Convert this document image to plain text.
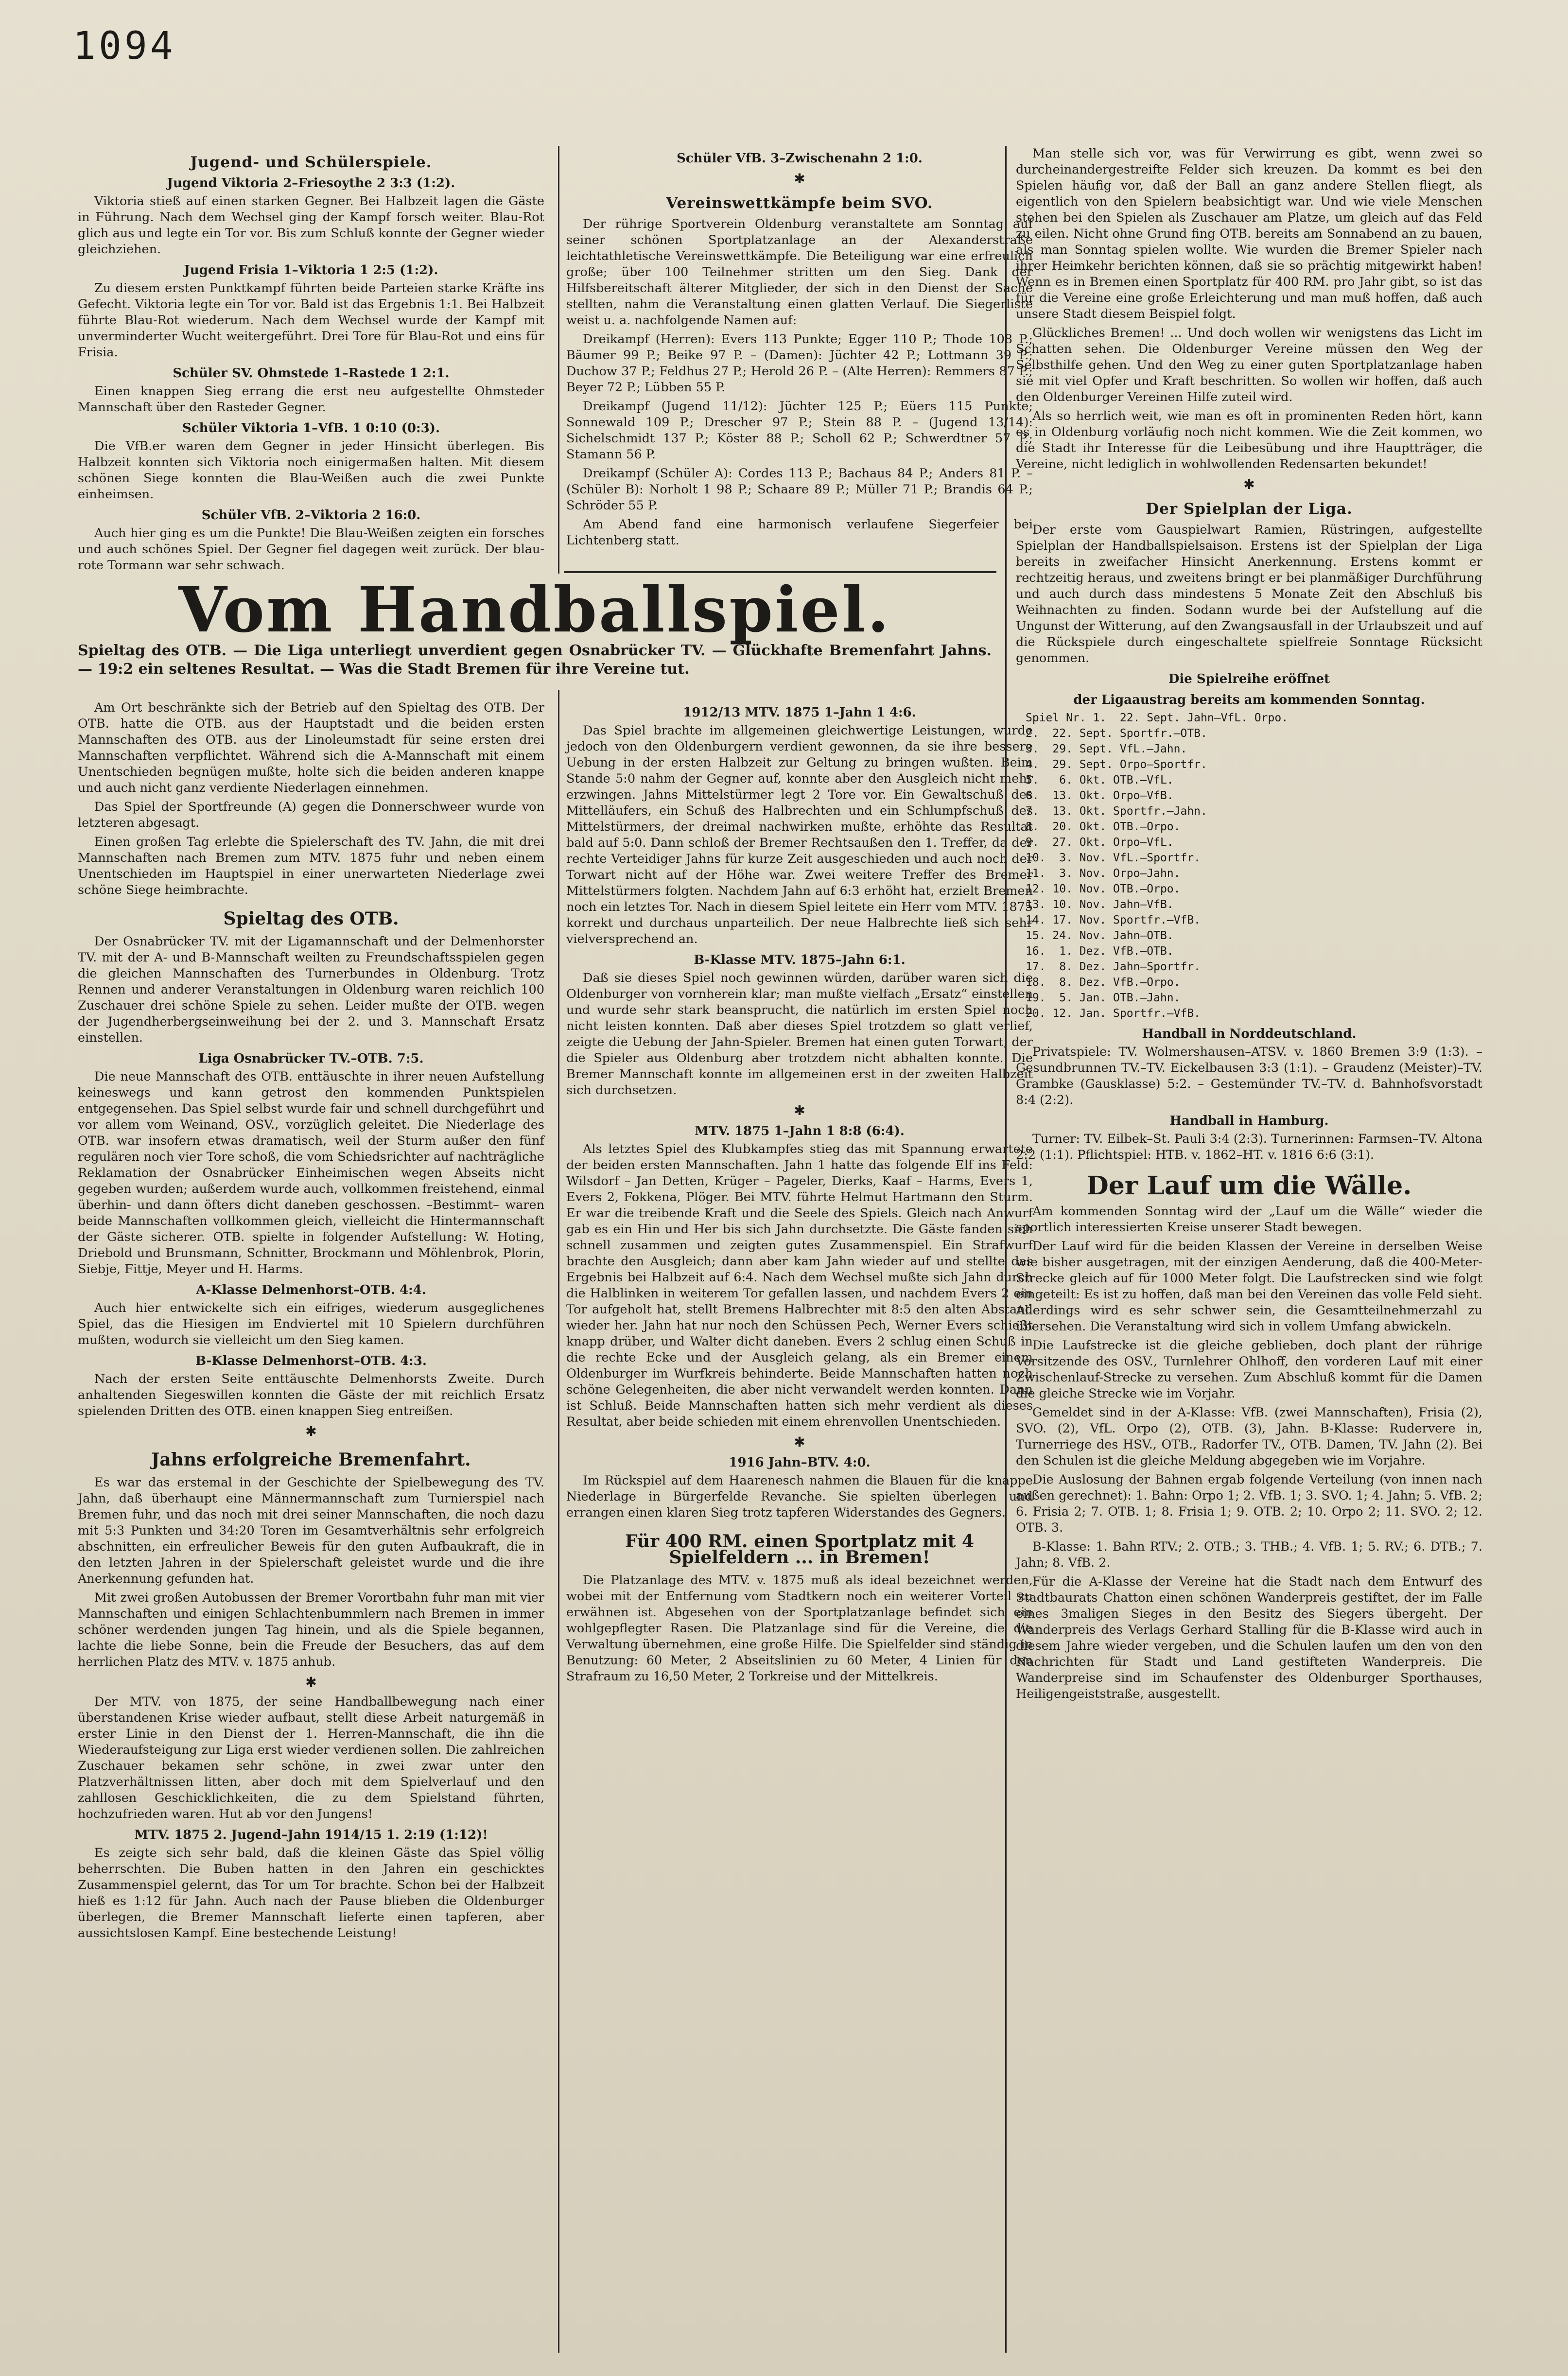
1094
Jugend- und Schülerspiele.
Jugend Viktoria 2–Friesoythe 2 3:3 (1:2).

Viktoria stieß auf einen starken Gegner. Bei Halbzeit lagen die Gäste in Führung. Nach dem Wechsel ging der Kampf forsch weiter. Blau-Rot glich aus und legte ein Tor vor. Bis zum Schluß konnte der Gegner wieder gleichziehen.

Jugend Frisia 1–Viktoria 1 2:5 (1:2).

Zu diesem ersten Punktkampf führten beide Parteien starke Kräfte ins Gefecht. Viktoria legte ein Tor vor. Bald ist das Ergebnis 1:1. Bei Halbzeit führte Blau-Rot wiederum. Nach dem Wechsel wurde der Kampf mit unverminderter Wucht weitergeführt. Drei Tore für Blau-Rot und eins für Frisia.

Schüler SV. Ohmstede 1–Rastede 1 2:1.

Einen knappen Sieg errang die erst neu aufgestellte Ohmsteder Mannschaft über den Rasteder Gegner.

Schüler Viktoria 1–VfB. 1 0:10 (0:3).

Die VfB.er waren dem Gegner in jeder Hinsicht überlegen. Bis Halbzeit konnten sich Viktoria noch einigermaßen halten. Mit diesem schönen Siege konnten die Blau-Weißen auch die zwei Punkte einheimsen.

Schüler VfB. 2–Viktoria 2 16:0.

Auch hier ging es um die Punkte! Die Blau-Weißen zeigten ein forsches und auch schönes Spiel. Der Gegner fiel dagegen weit zurück. Der blau-rote Tormann war sehr schwach.

Schüler VfB. 3–Zwischenahn 2 1:0.
✱
Vereinswettkämpfe beim SVO.

Der rührige Sportverein Oldenburg veranstaltete am Sonntag auf seiner schönen Sportplatzanlage an der Alexanderstraße leichtathletische Vereinswettkämpfe. Die Beteiligung war eine erfreulich große; über 100 Teilnehmer stritten um den Sieg. Dank der Hilfsbereitschaft älterer Mitglieder, der sich in den Dienst der Sache stellten, nahm die Veranstaltung einen glatten Verlauf. Die Siegerliste weist u. a. nachfolgende Namen auf:

Dreikampf (Herren): Evers 113 Punkte; Egger 110 P.; Thode 108 P.; Bäumer 99 P.; Beike 97 P. – (Damen): Jüchter 42 P.; Lottmann 39 P.; Duchow 37 P.; Feldhus 27 P.; Herold 26 P. – (Alte Herren): Remmers 87 P.; Beyer 72 P.; Lübben 55 P.

Dreikampf (Jugend 11/12): Jüchter 125 P.; Eüers 115 Punkte; Sonnewald 109 P.; Drescher 97 P.; Stein 88 P. – (Jugend 13/14): Sichelschmidt 137 P.; Köster 88 P.; Scholl 62 P.; Schwerdtner 57 P.; Stamann 56 P.

Dreikampf (Schüler A): Cordes 113 P.; Bachaus 84 P.; Anders 81 P. – (Schüler B): Norholt 1 98 P.; Schaare 89 P.; Müller 71 P.; Brandis 64 P.; Schröder 55 P.

Am Abend fand eine harmonisch verlaufene Siegerfeier bei Lichtenberg statt.

Vom Handballspiel.
Spieltag des OTB. — Die Liga unterliegt unverdient gegen Osnabrücker TV. — Glückhafte Bremenfahrt Jahns. — 19:2 ein seltenes Resultat. — Was die Stadt Bremen für ihre Vereine tut.

Am Ort beschränkte sich der Betrieb auf den Spieltag des OTB. Der OTB. hatte die OTB. aus der Hauptstadt und die beiden ersten Mannschaften des OTB. aus der Linoleumstadt für seine ersten drei Mannschaften verpflichtet. Während sich die A-Mannschaft mit einem Unentschieden begnügen mußte, holte sich die beiden anderen knappe und auch nicht ganz verdiente Niederlagen einnehmen.

Das Spiel der Sportfreunde (A) gegen die Donnerschweer wurde von letzteren abgesagt.

Einen großen Tag erlebte die Spielerschaft des TV. Jahn, die mit drei Mannschaften nach Bremen zum MTV. 1875 fuhr und neben einem Unentschieden im Hauptspiel in einer unerwarteten Niederlage zwei schöne Siege heimbrachte.

Spieltag des OTB.

Der Osnabrücker TV. mit der Ligamannschaft und der Delmenhorster TV. mit der A- und B-Mannschaft weilten zu Freundschaftsspielen gegen die gleichen Mannschaften des Turnerbundes in Oldenburg. Trotz Rennen und anderer Veranstaltungen in Oldenburg waren reichlich 100 Zuschauer drei schöne Spiele zu sehen. Leider mußte der OTB. wegen der Jugendherbergseinweihung bei der 2. und 3. Mannschaft Ersatz einstellen.

Liga Osnabrücker TV.–OTB. 7:5.

Die neue Mannschaft des OTB. enttäuschte in ihrer neuen Aufstellung keineswegs und kann getrost den kommenden Punktspielen entgegensehen. Das Spiel selbst wurde fair und schnell durchgeführt und vor allem vom Weinand, OSV., vorzüglich geleitet. Die Niederlage des OTB. war insofern etwas dramatisch, weil der Sturm außer den fünf regulären noch vier Tore schoß, die vom Schiedsrichter auf nachträgliche Reklamation der Osnabrücker Einheimischen wegen Abseits nicht gegeben wurden; außerdem wurde auch, vollkommen freistehend, einmal überhin- und dann öfters dicht daneben geschossen. –Bestimmt– waren beide Mannschaften vollkommen gleich, vielleicht die Hintermannschaft der Gäste sicherer. OTB. spielte in folgender Aufstellung: W. Hoting, Driebold und Brunsmann, Schnitter, Brockmann und Möhlenbrok, Plorin, Siebje, Fittje, Meyer und H. Harms.

A-Klasse Delmenhorst–OTB. 4:4.

Auch hier entwickelte sich ein eifriges, wiederum ausgeglichenes Spiel, das die Hiesigen im Endviertel mit 10 Spielern durchführen mußten, wodurch sie vielleicht um den Sieg kamen.

B-Klasse Delmenhorst–OTB. 4:3.

Nach der ersten Seite enttäuschte Delmenhorsts Zweite. Durch anhaltenden Siegeswillen konnten die Gäste der mit reichlich Ersatz spielenden Dritten des OTB. einen knappen Sieg entreißen.

✱
Jahns erfolgreiche Bremenfahrt.

Es war das erstemal in der Geschichte der Spielbewegung des TV. Jahn, daß überhaupt eine Männermannschaft zum Turnierspiel nach Bremen fuhr, und das noch mit drei seiner Mannschaften, die noch dazu mit 5:3 Punkten und 34:20 Toren im Gesamtverhältnis sehr erfolgreich abschnitten, ein erfreulicher Beweis für den guten Aufbaukraft, die in den letzten Jahren in der Spielerschaft geleistet wurde und die ihre Anerkennung gefunden hat.

Mit zwei großen Autobussen der Bremer Vorortbahn fuhr man mit vier Mannschaften und einigen Schlachtenbummlern nach Bremen in immer schöner werdenden jungen Tag hinein, und als die Spiele begannen, lachte die liebe Sonne, bein die Freude der Besuchers, das auf dem herrlichen Platz des MTV. v. 1875 anhub.

✱

Der MTV. von 1875, der seine Handballbewegung nach einer überstandenen Krise wieder aufbaut, stellt diese Arbeit naturgemäß in erster Linie in den Dienst der 1. Herren-Mannschaft, die ihn die Wiederaufsteigung zur Liga erst wieder verdienen sollen. Die zahlreichen Zuschauer bekamen sehr schöne, in zwei zwar unter den Platzverhältnissen litten, aber doch mit dem Spielverlauf und den zahllosen Geschicklichkeiten, die zu dem Spielstand führten, hochzufrieden waren. Hut ab vor den Jungens!

MTV. 1875 2. Jugend–Jahn 1914/15 1. 2:19 (1:12)!

Es zeigte sich sehr bald, daß die kleinen Gäste das Spiel völlig beherrschten. Die Buben hatten in den Jahren ein geschicktes Zusammenspiel gelernt, das Tor um Tor brachte. Schon bei der Halbzeit hieß es 1:12 für Jahn. Auch nach der Pause blieben die Oldenburger überlegen, die Bremer Mannschaft lieferte einen tapferen, aber aussichtslosen Kampf. Eine bestechende Leistung!

1912/13 MTV. 1875 1–Jahn 1 4:6.

Das Spiel brachte im allgemeinen gleichwertige Leistungen, wurde jedoch von den Oldenburgern verdient gewonnen, da sie ihre bessere Uebung in der ersten Halbzeit zur Geltung zu bringen wußten. Beim Stande 5:0 nahm der Gegner auf, konnte aber den Ausgleich nicht mehr erzwingen. Jahns Mittelstürmer legt 2 Tore vor. Ein Gewaltschuß des Mittelläufers, ein Schuß des Halbrechten und ein Schlumpfschuß des Mittelstürmers, der dreimal nachwirken mußte, erhöhte das Resultat bald auf 5:0. Dann schloß der Bremer Rechtsaußen den 1. Treffer, da der rechte Verteidiger Jahns für kurze Zeit ausgeschieden und auch noch der Torwart nicht auf der Höhe war. Zwei weitere Treffer des Bremer Mittelstürmers folgten. Nachdem Jahn auf 6:3 erhöht hat, erzielt Bremen noch ein letztes Tor. Nach in diesem Spiel leitete ein Herr vom MTV. 1875 korrekt und durchaus unparteilich. Der neue Halbrechte ließ sich sehr vielversprechend an.

B-Klasse MTV. 1875–Jahn 6:1.

Daß sie dieses Spiel noch gewinnen würden, darüber waren sich die Oldenburger von vornherein klar; man mußte vielfach „Ersatz“ einstellen und wurde sehr stark beansprucht, die natürlich im ersten Spiel noch nicht leisten konnten. Daß aber dieses Spiel trotzdem so glatt verlief, zeigte die Uebung der Jahn-Spieler. Bremen hat einen guten Torwart, der die Spieler aus Oldenburg aber trotzdem nicht abhalten konnte. Die Bremer Mannschaft konnte im allgemeinen erst in der zweiten Halbzeit sich durchsetzen.

✱
MTV. 1875 1–Jahn 1 8:8 (6:4).

Als letztes Spiel des Klubkampfes stieg das mit Spannung erwartete der beiden ersten Mannschaften. Jahn 1 hatte das folgende Elf ins Feld: Wilsdorf – Jan Detten, Krüger – Pageler, Dierks, Kaaf – Harms, Evers 1, Evers 2, Fokkena, Plöger. Bei MTV. führte Helmut Hartmann den Sturm. Er war die treibende Kraft und die Seele des Spiels. Gleich nach Anwurf gab es ein Hin und Her bis sich Jahn durchsetzte. Die Gäste fanden sich schnell zusammen und zeigten gutes Zusammenspiel. Ein Strafwurf brachte den Ausgleich; dann aber kam Jahn wieder auf und stellte das Ergebnis bei Halbzeit auf 6:4. Nach dem Wechsel mußte sich Jahn durch die Halblinken in weiterem Tor gefallen lassen, und nachdem Evers 2 ein Tor aufgeholt hat, stellt Bremens Halbrechter mit 8:5 den alten Abstand wieder her. Jahn hat nur noch den Schüssen Pech, Werner Evers schießt knapp drüber, und Walter dicht daneben. Evers 2 schlug einen Schuß in die rechte Ecke und der Ausgleich gelang, als ein Bremer einem Oldenburger im Wurfkreis behinderte. Beide Mannschaften hatten noch schöne Gelegenheiten, die aber nicht verwandelt werden konnten. Dann ist Schluß. Beide Mannschaften hatten sich mehr verdient als dieses Resultat, aber beide schieden mit einem ehrenvollen Unentschieden.

✱
1916 Jahn–BTV. 4:0.

Im Rückspiel auf dem Haarenesch nahmen die Blauen für die knappe Niederlage in Bürgerfelde Revanche. Sie spielten überlegen und errangen einen klaren Sieg trotz tapferen Widerstandes des Gegners.

Für 400 RM. einen Sportplatz mit 4 Spielfeldern ... in Bremen!

Die Platzanlage des MTV. v. 1875 muß als ideal bezeichnet werden, wobei mit der Entfernung vom Stadtkern noch ein weiterer Vorteil zu erwähnen ist. Abgesehen von der Sportplatzanlage befindet sich ein wohlgepflegter Rasen. Die Platzanlage sind für die Vereine, die die Verwaltung übernehmen, eine große Hilfe. Die Spielfelder sind ständig in Benutzung: 60 Meter, 2 Abseitslinien zu 60 Meter, 4 Linien für den Strafraum zu 16,50 Meter, 2 Torkreise und der Mittelkreis.

Man stelle sich vor, was für Verwirrung es gibt, wenn zwei so durcheinandergestreifte Felder sich kreuzen. Da kommt es bei den Spielen häufig vor, daß der Ball an ganz andere Stellen fliegt, als eigentlich von den Spielern beabsichtigt war. Und wie viele Menschen stehen bei den Spielen als Zuschauer am Platze, um gleich auf das Feld zu eilen. Nicht ohne Grund fing OTB. bereits am Sonnabend an zu bauen, als man Sonntag spielen wollte. Wie wurden die Bremer Spieler nach ihrer Heimkehr berichten können, daß sie so prächtig mitgewirkt haben! Wenn es in Bremen einen Sportplatz für 400 RM. pro Jahr gibt, so ist das für die Vereine eine große Erleichterung und man muß hoffen, daß auch unsere Stadt diesem Beispiel folgt.

Glückliches Bremen! ... Und doch wollen wir wenigstens das Licht im Schatten sehen. Die Oldenburger Vereine müssen den Weg der Selbsthilfe gehen. Und den Weg zu einer guten Sportplatzanlage haben sie mit viel Opfer und Kraft beschritten. So wollen wir hoffen, daß auch den Oldenburger Vereinen Hilfe zuteil wird.

Als so herrlich weit, wie man es oft in prominenten Reden hört, kann es in Oldenburg vorläufig noch nicht kommen. Wie die Zeit kommen, wo die Stadt ihr Interesse für die Leibesübung und ihre Hauptträger, die Vereine, nicht lediglich in wohlwollenden Redensarten bekundet!

✱
Der Spielplan der Liga.

Der erste vom Gauspielwart Ramien, Rüstringen, aufgestellte Spielplan der Handballspielsaison. Erstens ist der Spielplan der Liga bereits in zweifacher Hinsicht Anerkennung. Erstens kommt er rechtzeitig heraus, und zweitens bringt er bei planmäßiger Durchführung und auch durch dass mindestens 5 Monate Zeit den Abschluß bis Weihnachten zu finden. Sodann wurde bei der Aufstellung auf die Ungunst der Witterung, auf den Zwangsausfall in der Urlaubszeit und auf die Rückspiele durch eingeschaltete spielfreie Sonntage Rücksicht genommen.

Die Spielreihe eröffnet
der Ligaaustrag bereits am kommenden Sonntag.
Spiel Nr. 1.  22. Sept. Jahn–VfL. Orpo.
2.  22. Sept. Sportfr.–OTB.
3.  29. Sept. VfL.–Jahn.
4.  29. Sept. Orpo–Sportfr.
5.   6. Okt. OTB.–VfL.
6.  13. Okt. Orpo–VfB.
7.  13. Okt. Sportfr.–Jahn.
8.  20. Okt. OTB.–Orpo.
9.  27. Okt. Orpo–VfL.
10.  3. Nov. VfL.–Sportfr.
11.  3. Nov. Orpo–Jahn.
12. 10. Nov. OTB.–Orpo.
13. 10. Nov. Jahn–VfB.
14. 17. Nov. Sportfr.–VfB.
15. 24. Nov. Jahn–OTB.
16.  1. Dez. VfB.–OTB.
17.  8. Dez. Jahn–Sportfr.
18.  8. Dez. VfB.–Orpo.
19.  5. Jan. OTB.–Jahn.
20. 12. Jan. Sportfr.–VfB.
Handball in Norddeutschland.

Privatspiele: TV. Wolmershausen–ATSV. v. 1860 Bremen 3:9 (1:3). – Gesundbrunnen TV.–TV. Eickelbausen 3:3 (1:1). – Graudenz (Meister)–TV. Grambke (Gausklasse) 5:2. – Gestemünder TV.–TV. d. Bahnhofsvorstadt 8:4 (2:2).

Handball in Hamburg.

Turner: TV. Eilbek–St. Pauli 3:4 (2:3). Turnerinnen: Farmsen–TV. Altona 2:2 (1:1). Pflichtspiel: HTB. v. 1862–HT. v. 1816 6:6 (3:1).

Der Lauf um die Wälle.

Am kommenden Sonntag wird der „Lauf um die Wälle“ wieder die sportlich interessierten Kreise unserer Stadt bewegen.

Der Lauf wird für die beiden Klassen der Vereine in derselben Weise wie bisher ausgetragen, mit der einzigen Aenderung, daß die 400-Meter-Strecke gleich auf für 1000 Meter folgt. Die Laufstrecken sind wie folgt eingeteilt: Es ist zu hoffen, daß man bei den Vereinen das volle Feld sieht. Allerdings wird es sehr schwer sein, die Gesamtteilnehmerzahl zu übersehen. Die Veranstaltung wird sich in vollem Umfang abwickeln.

Die Laufstrecke ist die gleiche geblieben, doch plant der rührige Vorsitzende des OSV., Turnlehrer Ohlhoff, den vorderen Lauf mit einer Zwischenlauf-Strecke zu versehen. Zum Abschluß kommt für die Damen die gleiche Strecke wie im Vorjahr.

Gemeldet sind in der A-Klasse: VfB. (zwei Mannschaften), Frisia (2), SVO. (2), VfL. Orpo (2), OTB. (3), Jahn. B-Klasse: Rudervere in, Turnerriege des HSV., OTB., Radorfer TV., OTB. Damen, TV. Jahn (2). Bei den Schulen ist die gleiche Meldung abgegeben wie im Vorjahre.

Die Auslosung der Bahnen ergab folgende Verteilung (von innen nach außen gerechnet): 1. Bahn: Orpo 1; 2. VfB. 1; 3. SVO. 1; 4. Jahn; 5. VfB. 2; 6. Frisia 2; 7. OTB. 1; 8. Frisia 1; 9. OTB. 2; 10. Orpo 2; 11. SVO. 2; 12. OTB. 3.

B-Klasse: 1. Bahn RTV.; 2. OTB.; 3. THB.; 4. VfB. 1; 5. RV.; 6. DTB.; 7. Jahn; 8. VfB. 2.

Für die A-Klasse der Vereine hat die Stadt nach dem Entwurf des Stadtbaurats Chatton einen schönen Wanderpreis gestiftet, der im Falle eines 3maligen Sieges in den Besitz des Siegers übergeht. Der Wanderpreis des Verlags Gerhard Stalling für die B-Klasse wird auch in diesem Jahre wieder vergeben, und die Schulen laufen um den von den Nachrichten für Stadt und Land gestifteten Wanderpreis. Die Wanderpreise sind im Schaufenster des Oldenburger Sporthauses, Heiligengeiststraße, ausgestellt.
